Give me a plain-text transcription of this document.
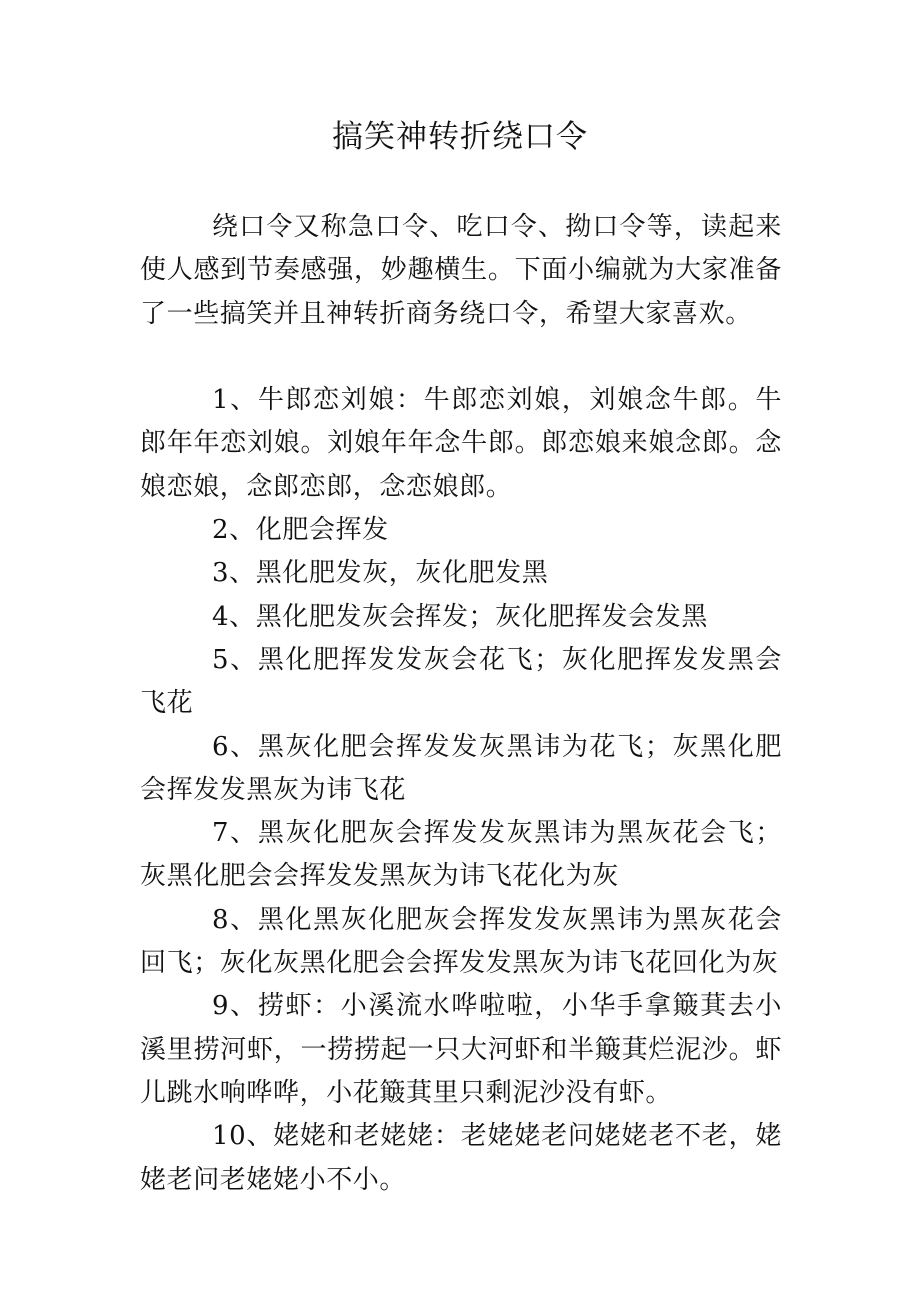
搞笑神转折绕口令

绕口令又称急口令、吃口令、拗口令等，读起来使人感到节奏感强，妙趣横生。下面小编就为大家准备了一些搞笑并且神转折商务绕口令，希望大家喜欢。

1、牛郎恋刘娘：牛郎恋刘娘，刘娘念牛郎。牛郎年年恋刘娘。刘娘年年念牛郎。郎恋娘来娘念郎。念娘恋娘，念郎恋郎，念恋娘郎。

2、化肥会挥发

3、黑化肥发灰，灰化肥发黑

4、黑化肥发灰会挥发；灰化肥挥发会发黑

5、黑化肥挥发发灰会花飞；灰化肥挥发发黑会飞花

6、黑灰化肥会挥发发灰黑讳为花飞；灰黑化肥会挥发发黑灰为讳飞花

7、黑灰化肥灰会挥发发灰黑讳为黑灰花会飞；灰黑化肥会会挥发发黑灰为讳飞花化为灰

8、黑化黑灰化肥灰会挥发发灰黑讳为黑灰花会回飞；灰化灰黑化肥会会挥发发黑灰为讳飞花回化为灰

9、捞虾：小溪流水哗啦啦，小华手拿簸萁去小溪里捞河虾，一捞捞起一只大河虾和半簸萁烂泥沙。虾儿跳水响哗哗，小花簸萁里只剩泥沙没有虾。

10、姥姥和老姥姥：老姥姥老问姥姥老不老，姥姥老问老姥姥小不小。
